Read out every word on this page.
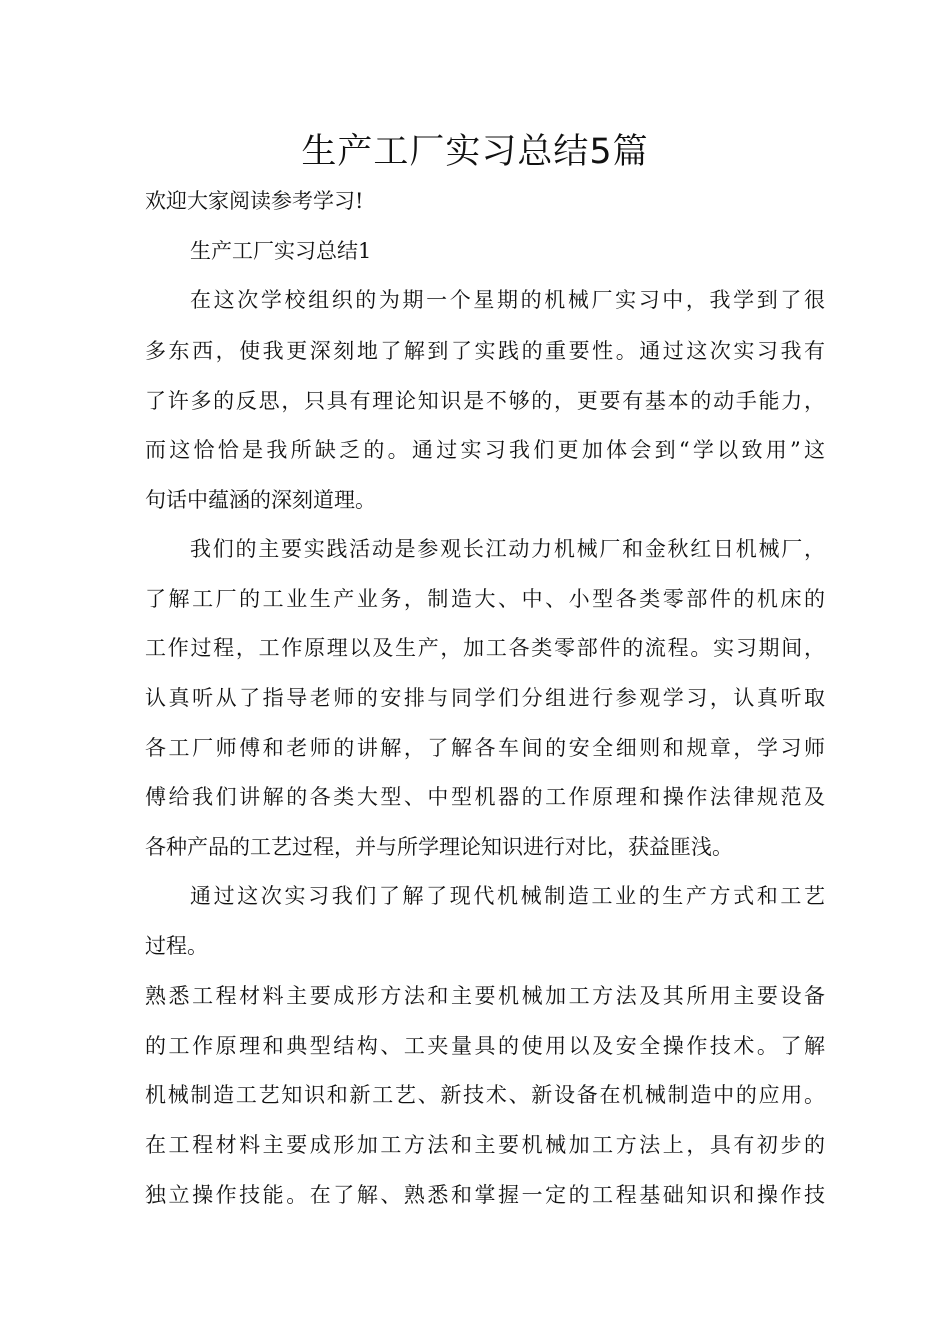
生产工厂实习总结5篇

欢迎大家阅读参考学习!

生产工厂实习总结1

在这次学校组织的为期一个星期的机械厂实习中，我学到了很

多东西，使我更深刻地了解到了实践的重要性。通过这次实习我有

了许多的反思，只具有理论知识是不够的，更要有基本的动手能力，

而这恰恰是我所缺乏的。通过实习我们更加体会到“学以致用”这

句话中蕴涵的深刻道理。

我们的主要实践活动是参观长江动力机械厂和金秋红日机械厂，

了解工厂的工业生产业务，制造大、中、小型各类零部件的机床的

工作过程，工作原理以及生产，加工各类零部件的流程。实习期间，

认真听从了指导老师的安排与同学们分组进行参观学习，认真听取

各工厂师傅和老师的讲解，了解各车间的安全细则和规章，学习师

傅给我们讲解的各类大型、中型机器的工作原理和操作法律规范及

各种产品的工艺过程，并与所学理论知识进行对比，获益匪浅。

通过这次实习我们了解了现代机械制造工业的生产方式和工艺

过程。

熟悉工程材料主要成形方法和主要机械加工方法及其所用主要设备

的工作原理和典型结构、工夹量具的使用以及安全操作技术。了解

机械制造工艺知识和新工艺、新技术、新设备在机械制造中的应用。

在工程材料主要成形加工方法和主要机械加工方法上，具有初步的

独立操作技能。在了解、熟悉和掌握一定的工程基础知识和操作技
